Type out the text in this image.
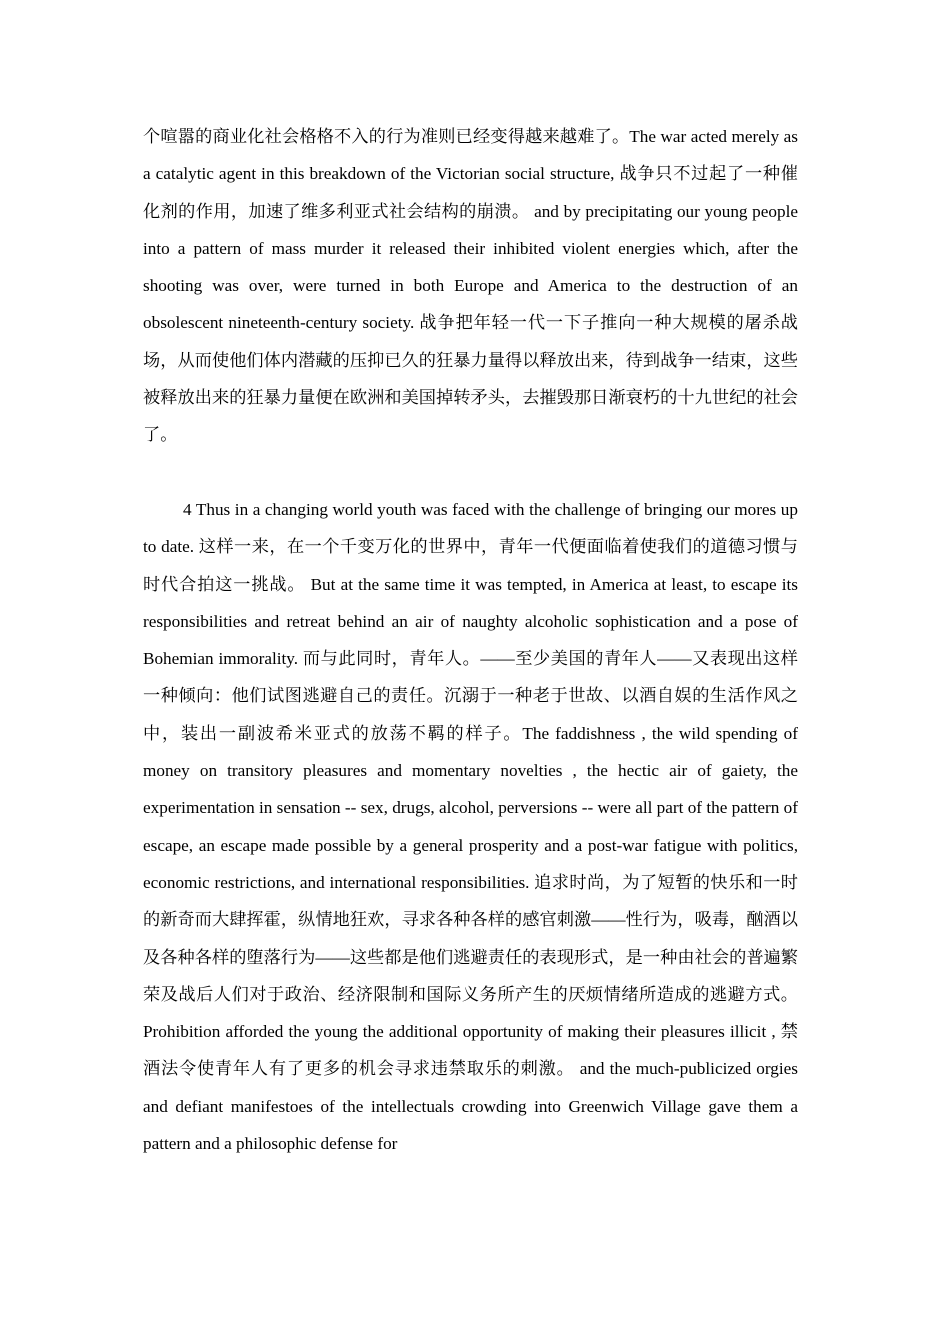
个喧嚣的商业化社会格格不入的行为准则已经变得越来越难了。The war acted merely as a catalytic agent in this breakdown of the Victorian social structure, 战争只不过起了一种催化剂的作用，加速了维多利亚式社会结构的崩溃。 and by precipitating our young people into a pattern of mass murder it released their inhibited violent energies which, after the shooting was over, were turned in both Europe and America to the destruction of an obsolescent nineteenth-century society. 战争把年轻一代一下子推向一种大规模的屠杀战场，从而使他们体内潜藏的压抑已久的狂暴力量得以释放出来，待到战争一结束，这些被释放出来的狂暴力量便在欧洲和美国掉转矛头，去摧毁那日渐衰朽的十九世纪的社会了。

4 Thus in a changing world youth was faced with the challenge of bringing our mores up to date. 这样一来，在一个千变万化的世界中，青年一代便面临着使我们的道德习惯与时代合拍这一挑战。 But at the same time it was tempted, in America at least, to escape its responsibilities and retreat behind an air of naughty alcoholic sophistication and a pose of Bohemian immorality. 而与此同时，青年人。——至少美国的青年人——又表现出这样一种倾向：他们试图逃避自己的责任。沉溺于一种老于世故、以酒自娱的生活作风之中，装出一副波希米亚式的放荡不羁的样子。The faddishness , the wild spending of money on transitory pleasures and momentary novelties , the hectic air of gaiety, the experimentation in sensation -- sex, drugs, alcohol, perversions -- were all part of the pattern of escape, an escape made possible by a general prosperity and a post-war fatigue with politics, economic restrictions, and international responsibilities. 追求时尚，为了短暂的快乐和一时的新奇而大肆挥霍，纵情地狂欢，寻求各种各样的感官刺激——性行为，吸毒，酗酒以及各种各样的堕落行为——这些都是他们逃避责任的表现形式，是一种由社会的普遍繁荣及战后人们对于政治、经济限制和国际义务所产生的厌烦情绪所造成的逃避方式。 Prohibition afforded the young the additional opportunity of making their pleasures illicit , 禁酒法令使青年人有了更多的机会寻求违禁取乐的刺激。 and the much-publicized orgies and defiant manifestoes of the intellectuals crowding into Greenwich Village gave them a pattern and a philosophic defense for
